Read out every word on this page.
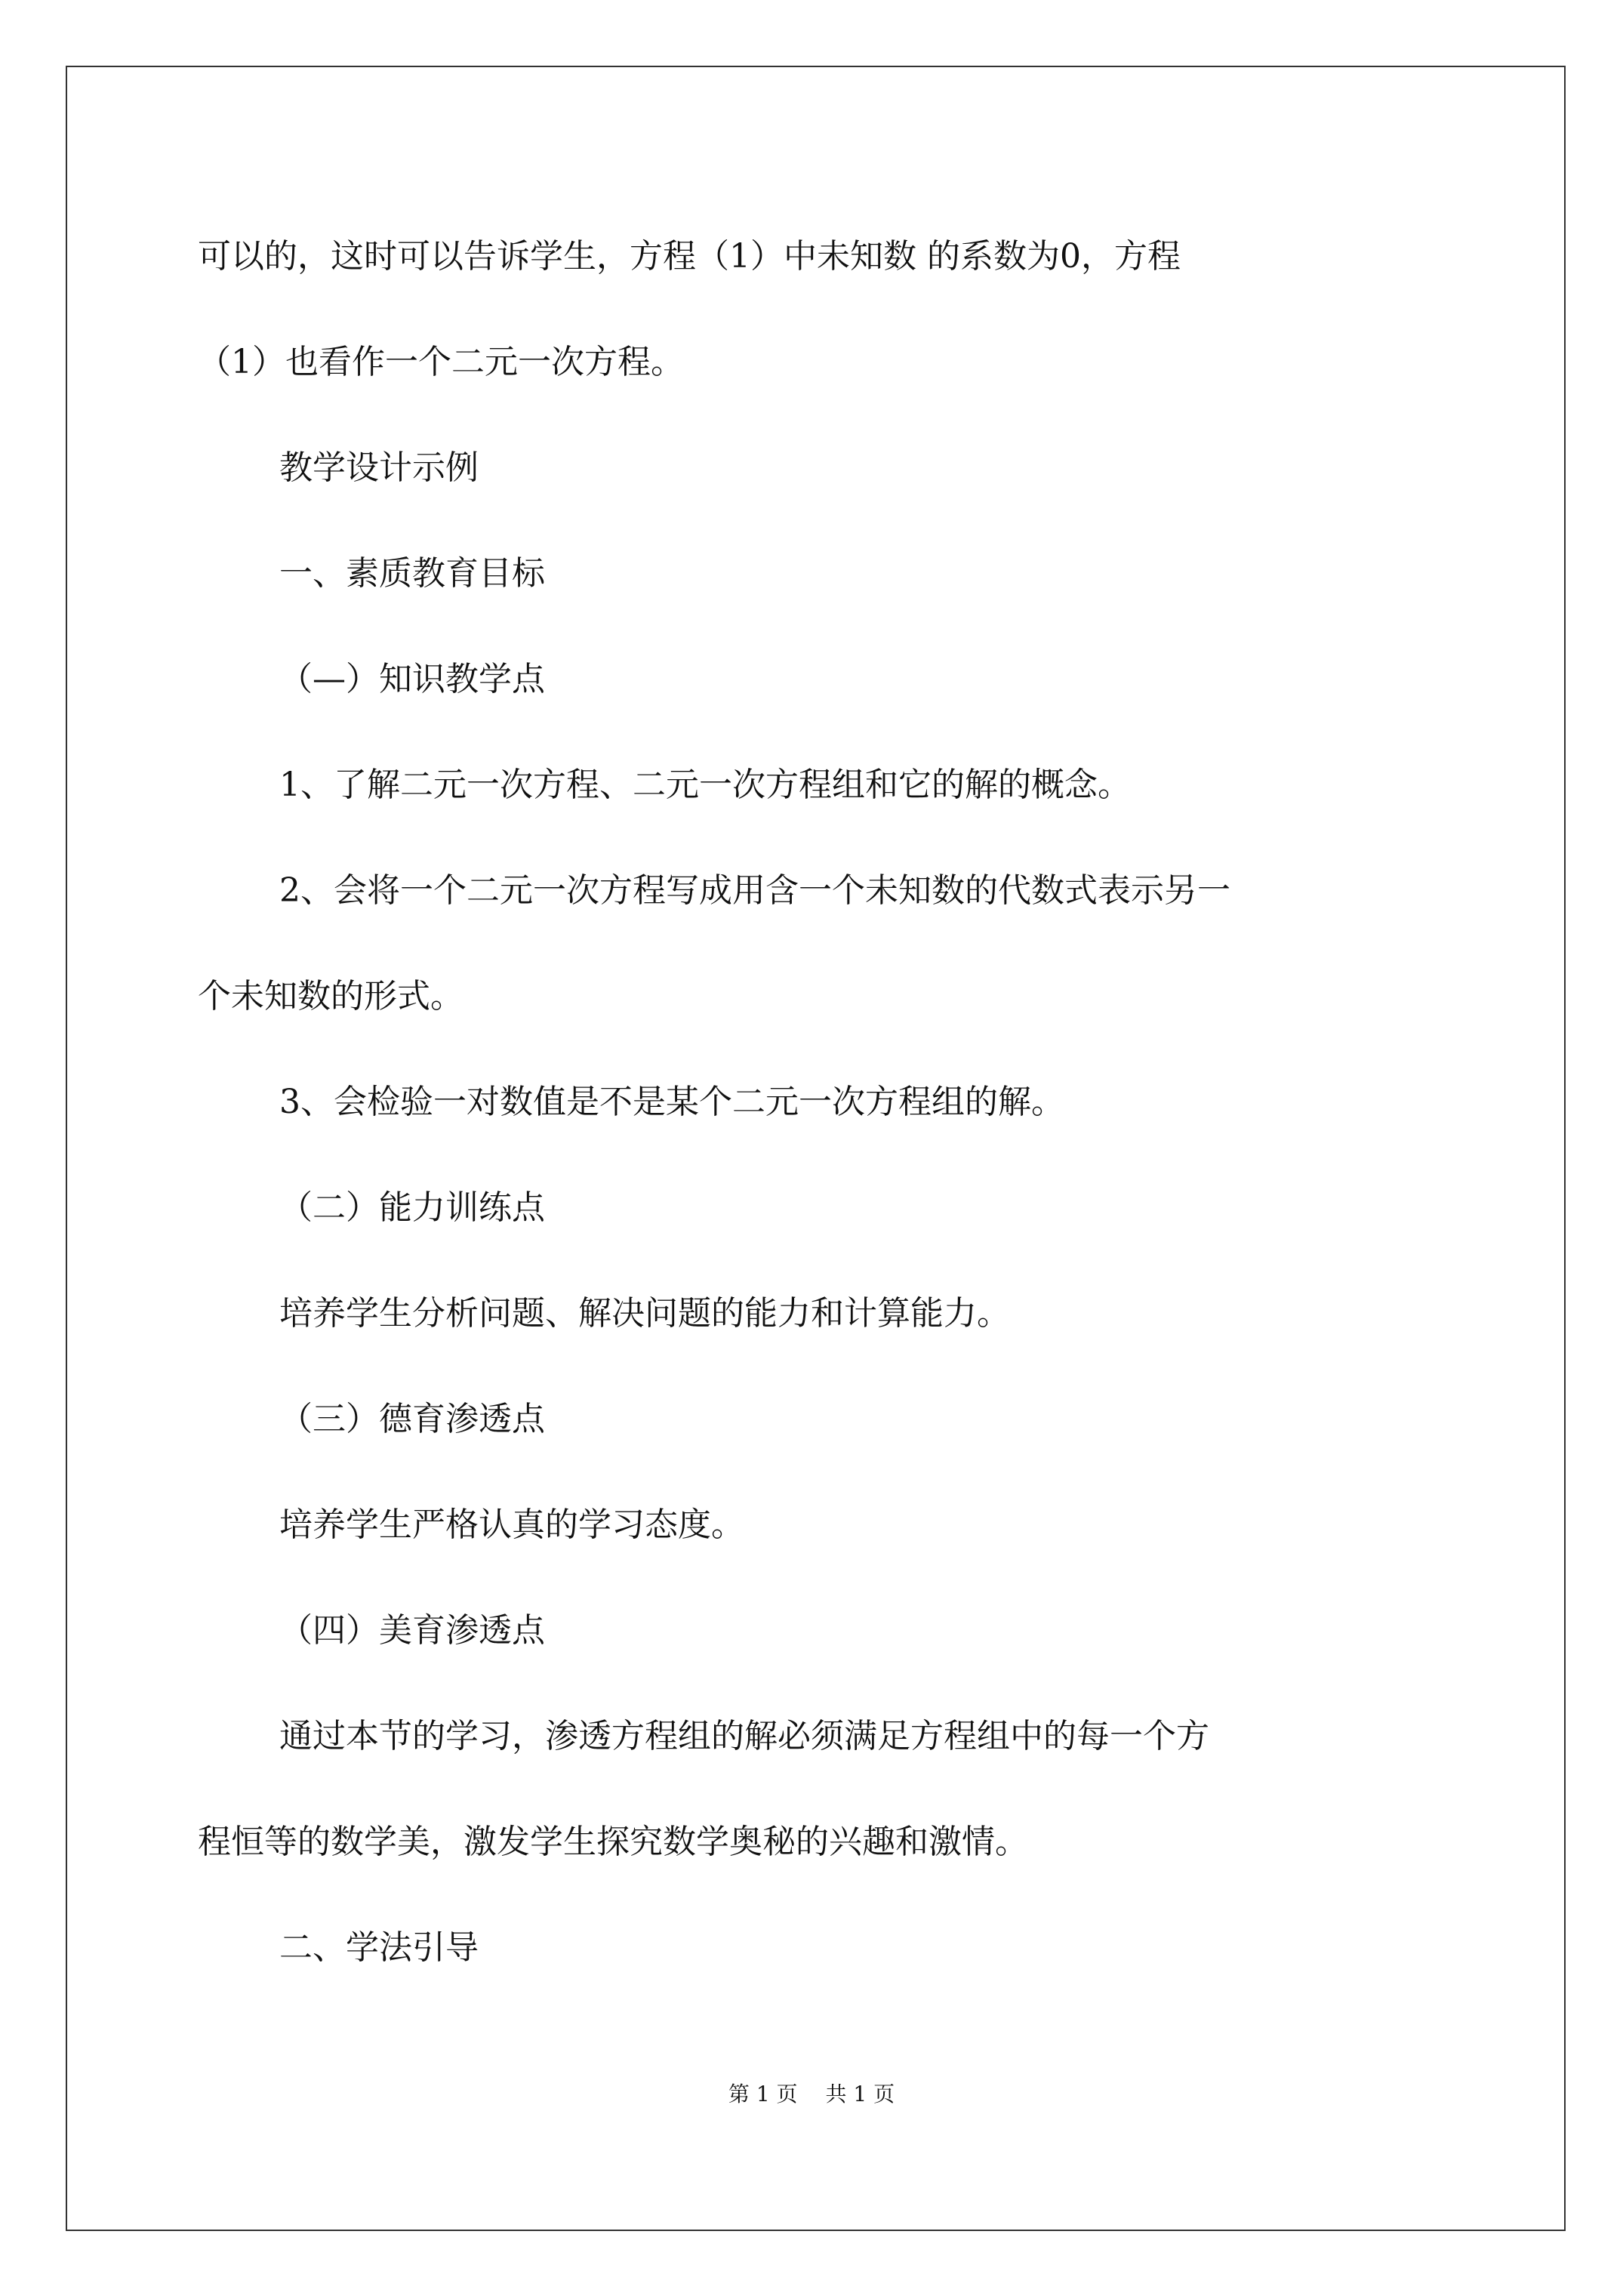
可以的，这时可以告诉学生，方程（1）中未知数 的系数为0，方程

（1）也看作一个二元一次方程。

教学设计示例

一、素质教育目标

（—）知识教学点

1、了解二元一次方程、二元一次方程组和它的解的概念。

2、会将一个二元一次方程写成用含一个未知数的代数式表示另一

个未知数的形式。

3、会检验一对数值是不是某个二元一次方程组的解。

（二）能力训练点

培养学生分析问题、解决问题的能力和计算能力。

（三）德育渗透点

培养学生严格认真的学习态度。

（四）美育渗透点

通过本节的学习，渗透方程组的解必须满足方程组中的每一个方

程恒等的数学美，激发学生探究数学奥秘的兴趣和激情。

二、学法引导

第 1 页 共 1 页
